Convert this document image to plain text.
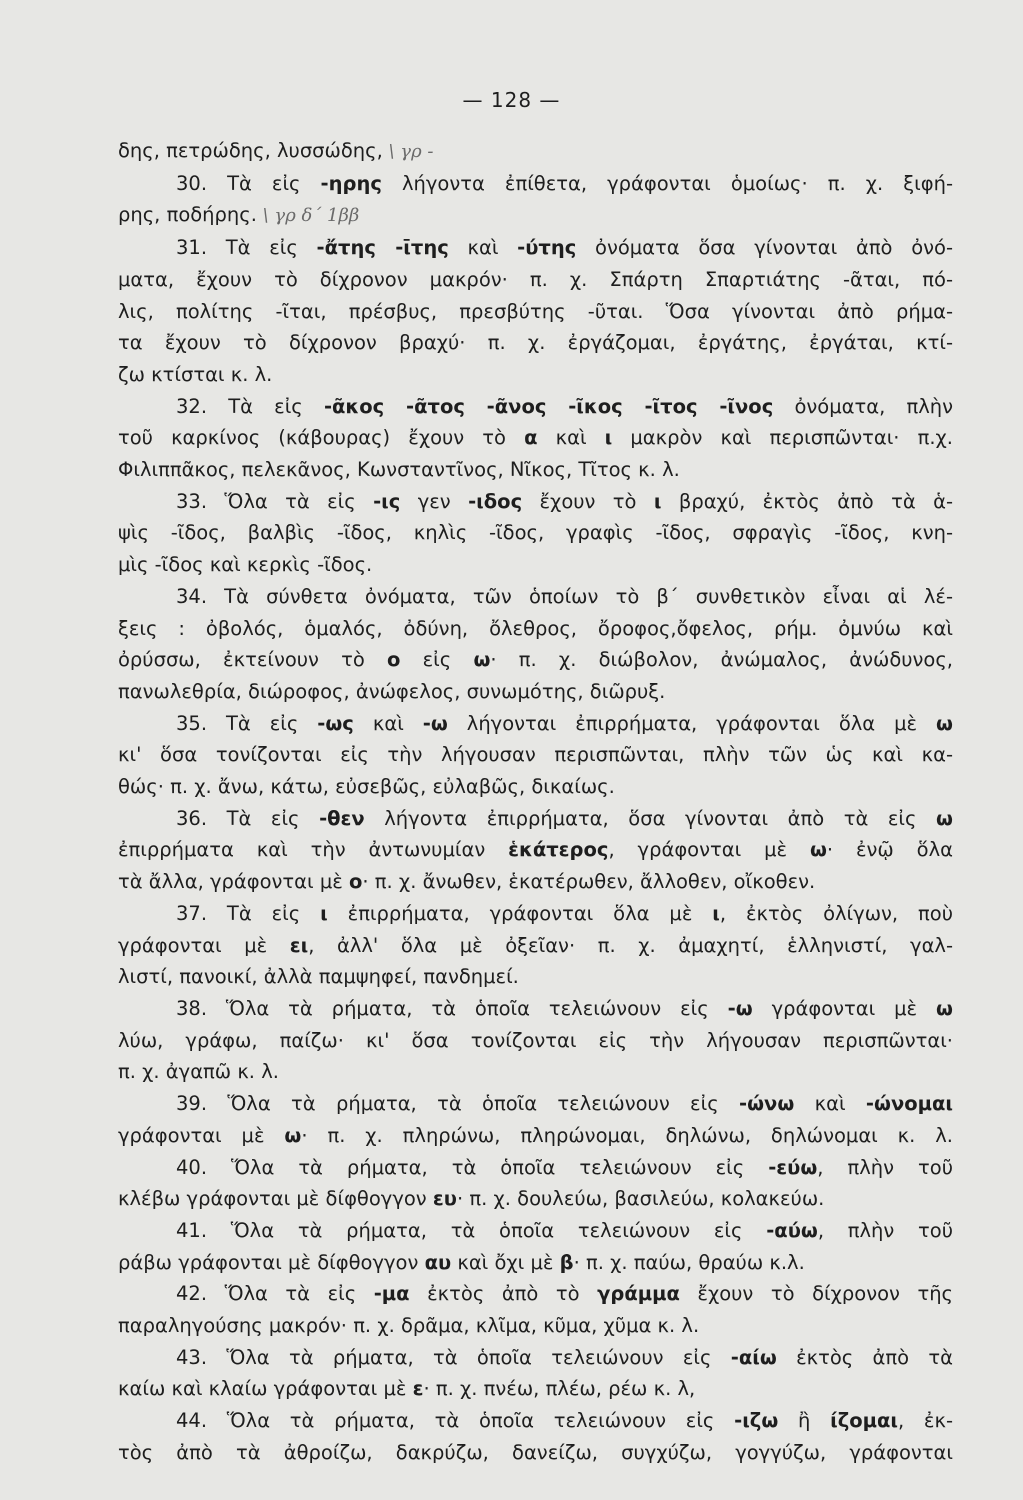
— 128 —
δης, πετρώδης, λυσσώδης, \ γρ -
30. Τὰ εἰς -ηρης λήγοντα ἐπίθετα, γράφονται ὁμοίως· π. χ. ξιφή-
ρης, ποδήρης. \ γρ δ΄ 1ββ
31. Τὰ εἰς -ἄτης -ῑτης καὶ -ύτης ὀνόματα ὅσα γίνονται ἀπὸ ὀνό-
ματα, ἔχουν τὸ δίχρονον μακρόν· π. χ. Σπάρτη Σπαρτιάτης -ᾶται, πό-
λις, πολίτης -ῖται, πρέσβυς, πρεσβύτης -ῦται. Ὅσα γίνονται ἀπὸ ρήμα-
τα ἔχουν τὸ δίχρονον βραχύ· π. χ. ἐργάζομαι, ἐργάτης, ἐργάται, κτί-
ζω κτίσται κ. λ.
32. Τὰ εἰς -ᾶκος -ᾶτος -ᾶνος -ῖκος -ῖτος -ῖνος ὀνόματα, πλὴν
τοῦ καρκίνος (κάβουρας) ἔχουν τὸ α καὶ ι μακρὸν καὶ περισπῶνται· π.χ.
Φιλιππᾶκος, πελεκᾶνος, Κωνσταντῖνος, Νῖκος, Τῖτος κ. λ.
33. Ὅλα τὰ εἰς -ις γεν -ιδος ἔχουν τὸ ι βραχύ, ἐκτὸς ἀπὸ τὰ ἁ-
ψὶς -ῖδος, βαλβὶς -ῖδος, κηλὶς -ῖδος, γραφὶς -ῖδος, σφραγὶς -ῖδος, κνη-
μὶς -ῖδος καὶ κερκὶς -ῖδος.
34. Τὰ σύνθετα ὀνόματα, τῶν ὁποίων τὸ β΄ συνθετικὸν εἶναι αἱ λέ-
ξεις : ὀβολός, ὁμαλός, ὀδύνη, ὄλεθρος, ὄροφος,ὄφελος, ρήμ. ὀμνύω καὶ
ὀρύσσω, ἐκτείνουν τὸ ο εἰς ω· π. χ. διώβολον, ἀνώμαλος, ἀνώδυνος,
πανωλεθρία, διώροφος, ἀνώφελος, συνωμότης, διῶρυξ.
35. Τὰ εἰς -ως καὶ -ω λήγονται ἐπιρρήματα, γράφονται ὅλα μὲ ω
κι' ὅσα τονίζονται εἰς τὴν λήγουσαν περισπῶνται, πλὴν τῶν ὡς καὶ κα-
θώς· π. χ. ἄνω, κάτω, εὐσεβῶς, εὐλαβῶς, δικαίως.
36. Τὰ εἰς -θεν λήγοντα ἐπιρρήματα, ὅσα γίνονται ἀπὸ τὰ εἰς ω
ἐπιρρήματα καὶ τὴν ἀντωνυμίαν ἑκάτερος, γράφονται μὲ ω· ἐνῷ ὅλα
τὰ ἄλλα, γράφονται μὲ ο· π. χ. ἄνωθεν, ἑκατέρωθεν, ἄλλοθεν, οἴκοθεν.
37. Τὰ εἰς ι ἐπιρρήματα, γράφονται ὅλα μὲ ι, ἐκτὸς ὀλίγων, ποὺ
γράφονται μὲ ει, ἀλλ' ὅλα μὲ ὀξεῖαν· π. χ. ἀμαχητί, ἑλληνιστί, γαλ-
λιστί, πανοικί, ἀλλὰ παμψηφεί, πανδημεί.
38. Ὅλα τὰ ρήματα, τὰ ὁποῖα τελειώνουν εἰς -ω γράφονται μὲ ω
λύω, γράφω, παίζω· κι' ὅσα τονίζονται εἰς τὴν λήγουσαν περισπῶνται·
π. χ. ἀγαπῶ κ. λ.
39. Ὅλα τὰ ρήματα, τὰ ὁποῖα τελειώνουν εἰς -ώνω καὶ -ώνομαι
γράφονται μὲ ω· π. χ. πληρώνω, πληρώνομαι, δηλώνω, δηλώνομαι κ. λ.
40. Ὅλα τὰ ρήματα, τὰ ὁποῖα τελειώνουν εἰς -εύω, πλὴν τοῦ
κλέβω γράφονται μὲ δίφθογγον ευ· π. χ. δουλεύω, βασιλεύω, κολακεύω.
41. Ὅλα τὰ ρήματα, τὰ ὁποῖα τελειώνουν εἰς -αύω, πλὴν τοῦ
ράβω γράφονται μὲ δίφθογγον αυ καὶ ὄχι μὲ β· π. χ. παύω, θραύω κ.λ.
42. Ὅλα τὰ εἰς -μα ἐκτὸς ἀπὸ τὸ γράμμα ἔχουν τὸ δίχρονον τῆς
παραληγούσης μακρόν· π. χ. δρᾶμα, κλῖμα, κῦμα, χῦμα κ. λ.
43. Ὅλα τὰ ρήματα, τὰ ὁποῖα τελειώνουν εἰς -αίω ἐκτὸς ἀπὸ τὰ
καίω καὶ κλαίω γράφονται μὲ ε· π. χ. πνέω, πλέω, ρέω κ. λ,
44. Ὅλα τὰ ρήματα, τὰ ὁποῖα τελειώνουν εἰς -ιζω ἢ ίζομαι, ἐκ-
τὸς ἀπὸ τὰ ἀθροίζω, δακρύζω, δανείζω, συγχύζω, γογγύζω, γράφονται
